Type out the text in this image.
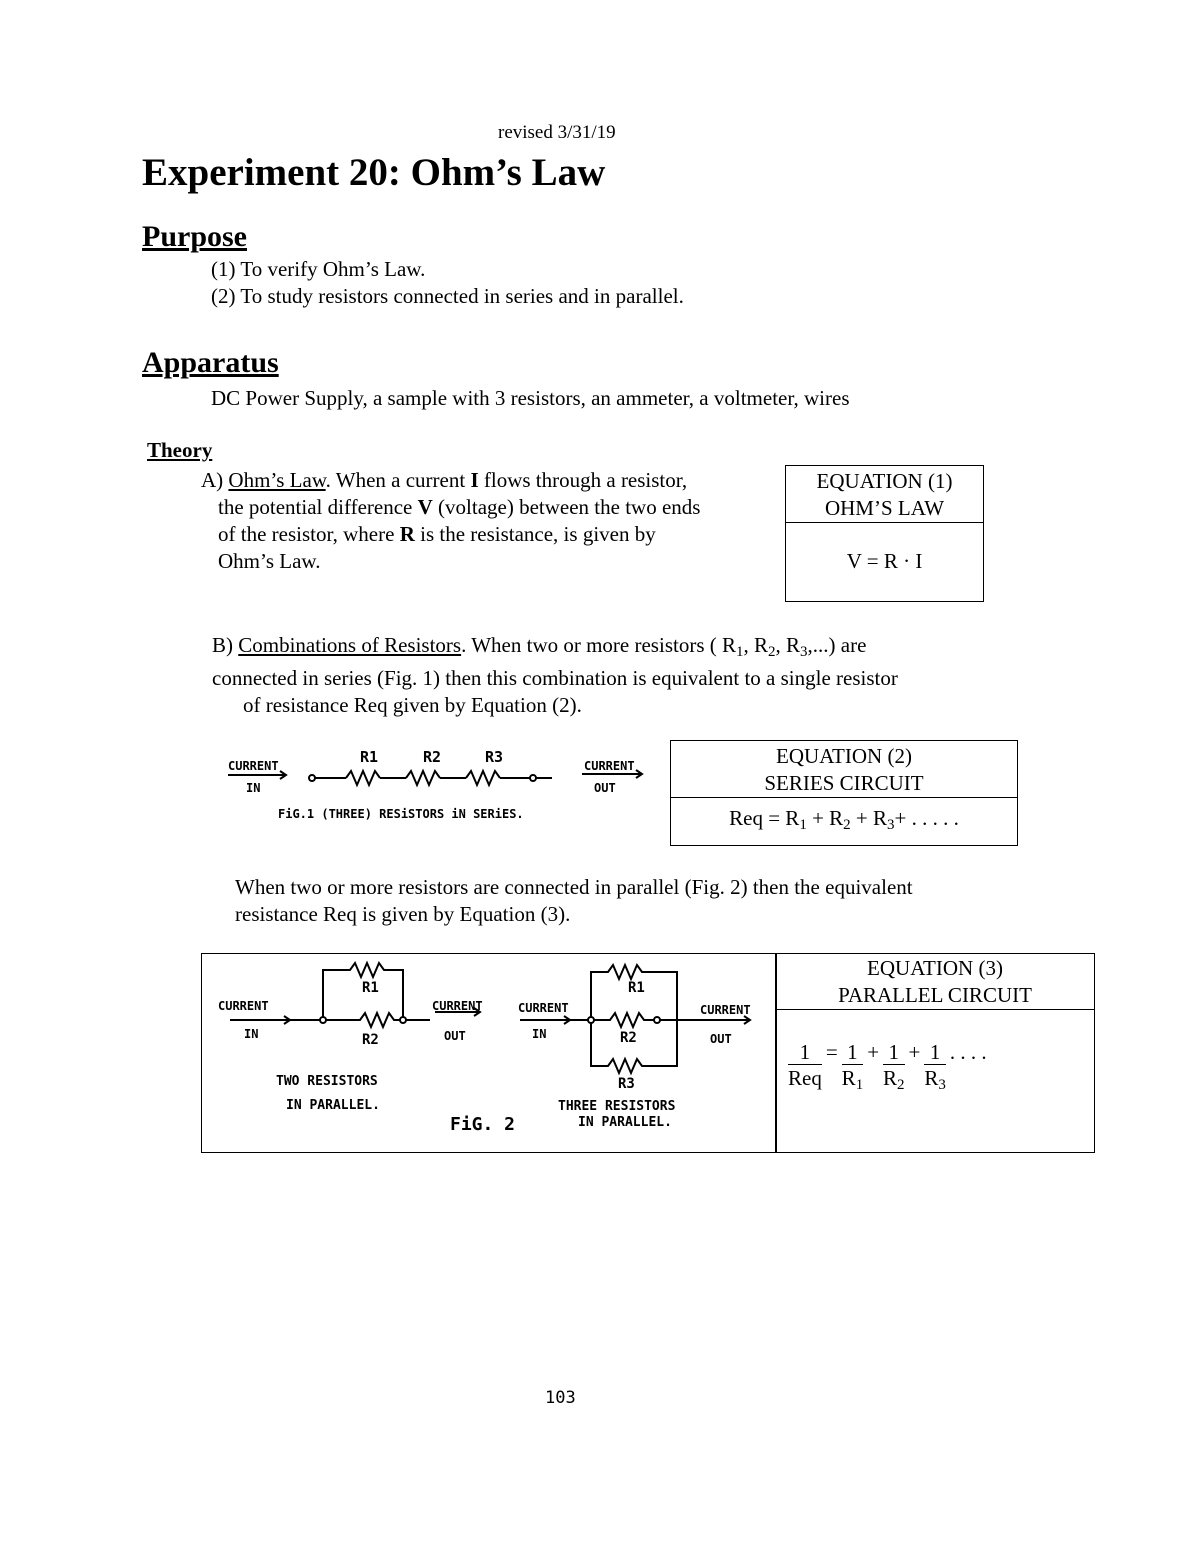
revised 3/31/19
Experiment 20: Ohm’s Law
Purpose
(1) To verify Ohm’s Law.
(2) To study resistors connected in series and in parallel.
Apparatus
DC Power Supply, a sample with 3 resistors, an ammeter, a voltmeter, wires
Theory
A) Ohm’s Law. When a current I flows through a resistor,
the potential difference V (voltage) between the two ends
of the resistor, where R is the resistance, is given by
Ohm’s Law.
EQUATION (1)
OHM’S LAW
V = R · I
B) Combinations of Resistors. When two or more resistors ( $R_1$, $R_2$, $R_3$,...) are
connected in series (Fig. 1) then this combination is equivalent to a single resistor
of resistance Req given by Equation (2).
CURRENT
IN
R1	R2	R3	CURRENT
OUT
FiG.1 (THREE) RESiSTORS iN SERiES.
EQUATION (2)
SERIES CIRCUIT
Req = $R_1 + R_2 + R_3+$ . . . . .
When two or more resistors are connected in parallel (Fig. 2) then the equivalent
resistance Req is given by Equation (3).
CURRENT
IN
R1
R2
CURRENT
OUT
CURRENT
IN
R1
R2
R3
CURRENT
OUT
TWO RESISTORS
IN PARALLEL.	THREE RESISTORS
IN PARALLEL.
FiG. 2
EQUATION (3)
PARALLEL CIRCUIT
$\frac{1}{\text{Req}} = \frac{1}{R_1} + \frac{1}{R_2} + \frac{1}{R_3}$ . . . .
103
